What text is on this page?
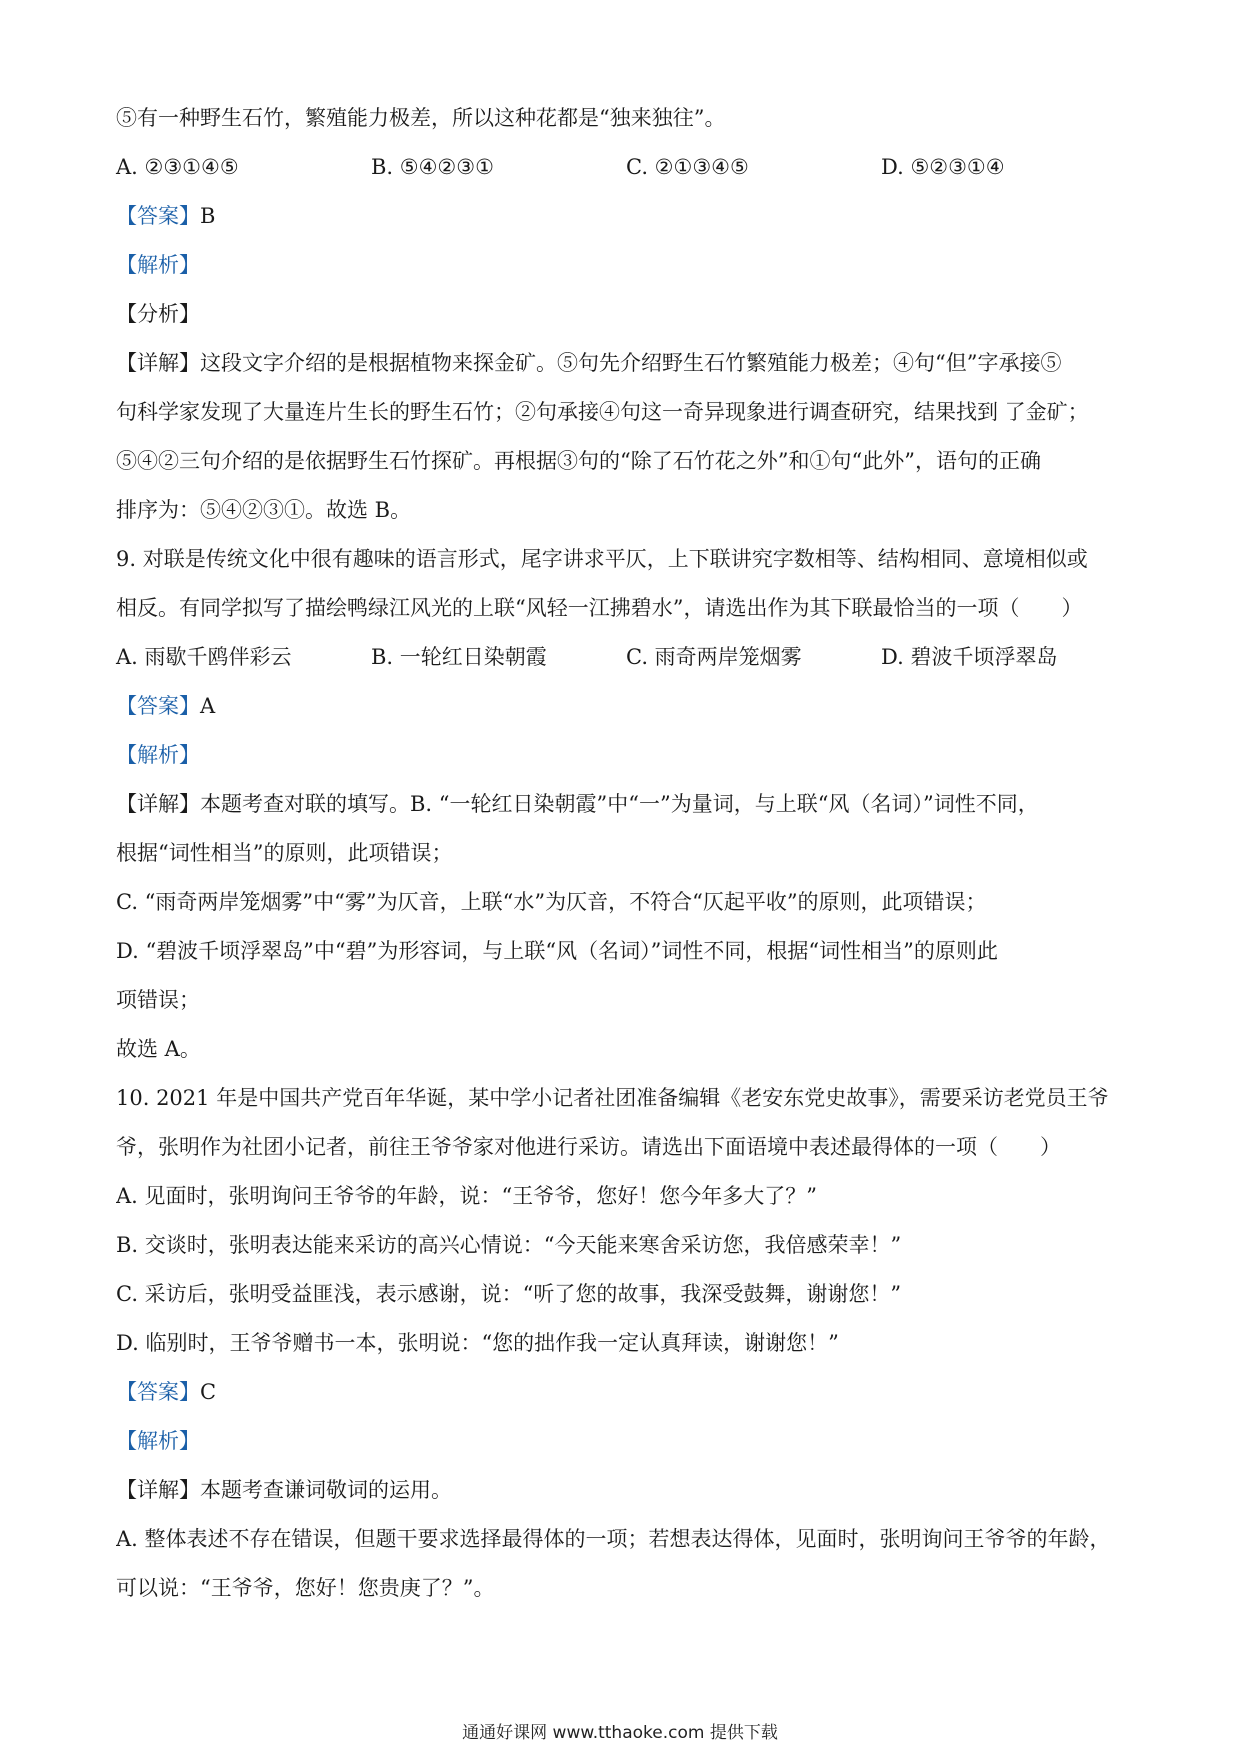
⑤有一种野生石竹，繁殖能力极差，所以这种花都是“独来独往”。
A. ②③①④⑤	B. ⑤④②③①	C. ②①③④⑤	D. ⑤②③①④
【答案】B
【解析】
【分析】
【详解】这段文字介绍的是根据植物来探金矿。⑤句先介绍野生石竹繁殖能力极差；④句“但”字承接⑤
句科学家发现了大量连片生长的野生石竹；②句承接④句这一奇异现象进行调查研究，结果找到 了金矿；
⑤④②三句介绍的是依据野生石竹探矿。再根据③句的“除了石竹花之外”和①句“此外”，语句的正确
排序为：⑤④②③①。故选 B。
9. 对联是传统文化中很有趣味的语言形式，尾字讲求平仄，上下联讲究字数相等、结构相同、意境相似或
相反。有同学拟写了描绘鸭绿江风光的上联“风轻一江拂碧水”，请选出作为其下联最恰当的一项（　　）
A. 雨歇千鸥伴彩云	B. 一轮红日染朝霞	C. 雨奇两岸笼烟雾	D. 碧波千顷浮翠岛
【答案】A
【解析】
【详解】本题考查对联的填写。B. “一轮红日染朝霞”中“一”为量词，与上联“风（名词）”词性不同，
根据“词性相当”的原则，此项错误；
C. “雨奇两岸笼烟雾”中“雾”为仄音，上联“水”为仄音，不符合“仄起平收”的原则，此项错误；
D. “碧波千顷浮翠岛”中“碧”为形容词，与上联“风（名词）”词性不同，根据“词性相当”的原则此
项错误；
故选 A。
10. 2021 年是中国共产党百年华诞，某中学小记者社团准备编辑《老安东党史故事》，需要采访老党员王爷
爷，张明作为社团小记者，前往王爷爷家对他进行采访。请选出下面语境中表述最得体的一项（　　）
A. 见面时，张明询问王爷爷的年龄，说：“王爷爷，您好！您今年多大了？”
B. 交谈时，张明表达能来采访的高兴心情说：“今天能来寒舍采访您，我倍感荣幸！”
C. 采访后，张明受益匪浅，表示感谢，说：“听了您的故事，我深受鼓舞，谢谢您！”
D. 临别时，王爷爷赠书一本，张明说：“您的拙作我一定认真拜读，谢谢您！”
【答案】C
【解析】
【详解】本题考查谦词敬词的运用。
A. 整体表述不存在错误，但题干要求选择最得体的一项；若想表达得体，见面时，张明询问王爷爷的年龄，
可以说：“王爷爷，您好！您贵庚了？”。
通通好课网 www.tthaoke.com 提供下载
